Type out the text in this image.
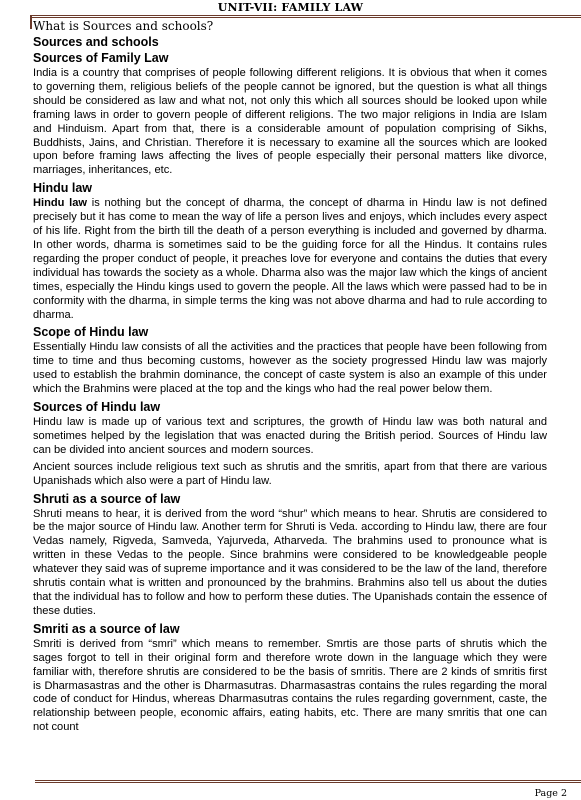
UNIT-VII: FAMILY LAW
What is Sources and schools?
Sources and schools
Sources of Family Law

India is a country that comprises of people following different religions. It is obvious that when it comes to governing them, religious beliefs of the people cannot be ignored, but the question is what all things should be considered as law and what not, not only this which all sources should be looked upon while framing laws in order to govern people of different religions. The two major religions in India are Islam and Hinduism. Apart from that, there is a considerable amount of population comprising of Sikhs, Buddhists, Jains, and Christian. Therefore it is necessary to examine all the sources which are looked upon before framing laws affecting the lives of people especially their personal matters like divorce, marriages, inheritances, etc.

Hindu law

Hindu law is nothing but the concept of dharma, the concept of dharma in Hindu law is not defined precisely but it has come to mean the way of life a person lives and enjoys, which includes every aspect of his life. Right from the birth till the death of a person everything is included and governed by dharma. In other words, dharma is sometimes said to be the guiding force for all the Hindus. It contains rules regarding the proper conduct of people, it preaches love for everyone and contains the duties that every individual has towards the society as a whole. Dharma also was the major law which the kings of ancient times, especially the Hindu kings used to govern the people. All the laws which were passed had to be in conformity with the dharma, in simple terms the king was not above dharma and had to rule according to dharma.

Scope of Hindu law

Essentially Hindu law consists of all the activities and the practices that people have been following from time to time and thus becoming customs, however as the society progressed Hindu law was majorly used to establish the brahmin dominance, the concept of caste system is also an example of this under which the Brahmins were placed at the top and the kings who had the real power below them.

Sources of Hindu law

Hindu law is made up of various text and scriptures, the growth of Hindu law was both natural and sometimes helped by the legislation that was enacted during the British period. Sources of Hindu law can be divided into ancient sources and modern sources.

Ancient sources include religious text such as shrutis and the smritis, apart from that there are various Upanishads which also were a part of Hindu law.

Shruti as a source of law

Shruti means to hear, it is derived from the word “shur” which means to hear. Shrutis are considered to be the major source of Hindu law. Another term for Shruti is Veda. according to Hindu law, there are four Vedas namely, Rigveda, Samveda, Yajurveda, Atharveda. The brahmins used to pronounce what is written in these Vedas to the people. Since brahmins were considered to be knowledgeable people whatever they said was of supreme importance and it was considered to be the law of the land, therefore shrutis contain what is written and pronounced by the brahmins. Brahmins also tell us about the duties that the individual has to follow and how to perform these duties. The Upanishads contain the essence of these duties.

Smriti as a source of law

Smriti is derived from “smri” which means to remember. Smrtis are those parts of shrutis which the sages forgot to tell in their original form and therefore wrote down in the language which they were familiar with, therefore shrutis are considered to be the basis of smritis. There are 2 kinds of smritis first is Dharmasastras and the other is Dharmasutras. Dharmasastras contains the rules regarding the moral code of conduct for Hindus, whereas Dharmasutras contains the rules regarding government, caste, the relationship between people, economic affairs, eating habits, etc. There are many smritis that one can not count

Page 2
